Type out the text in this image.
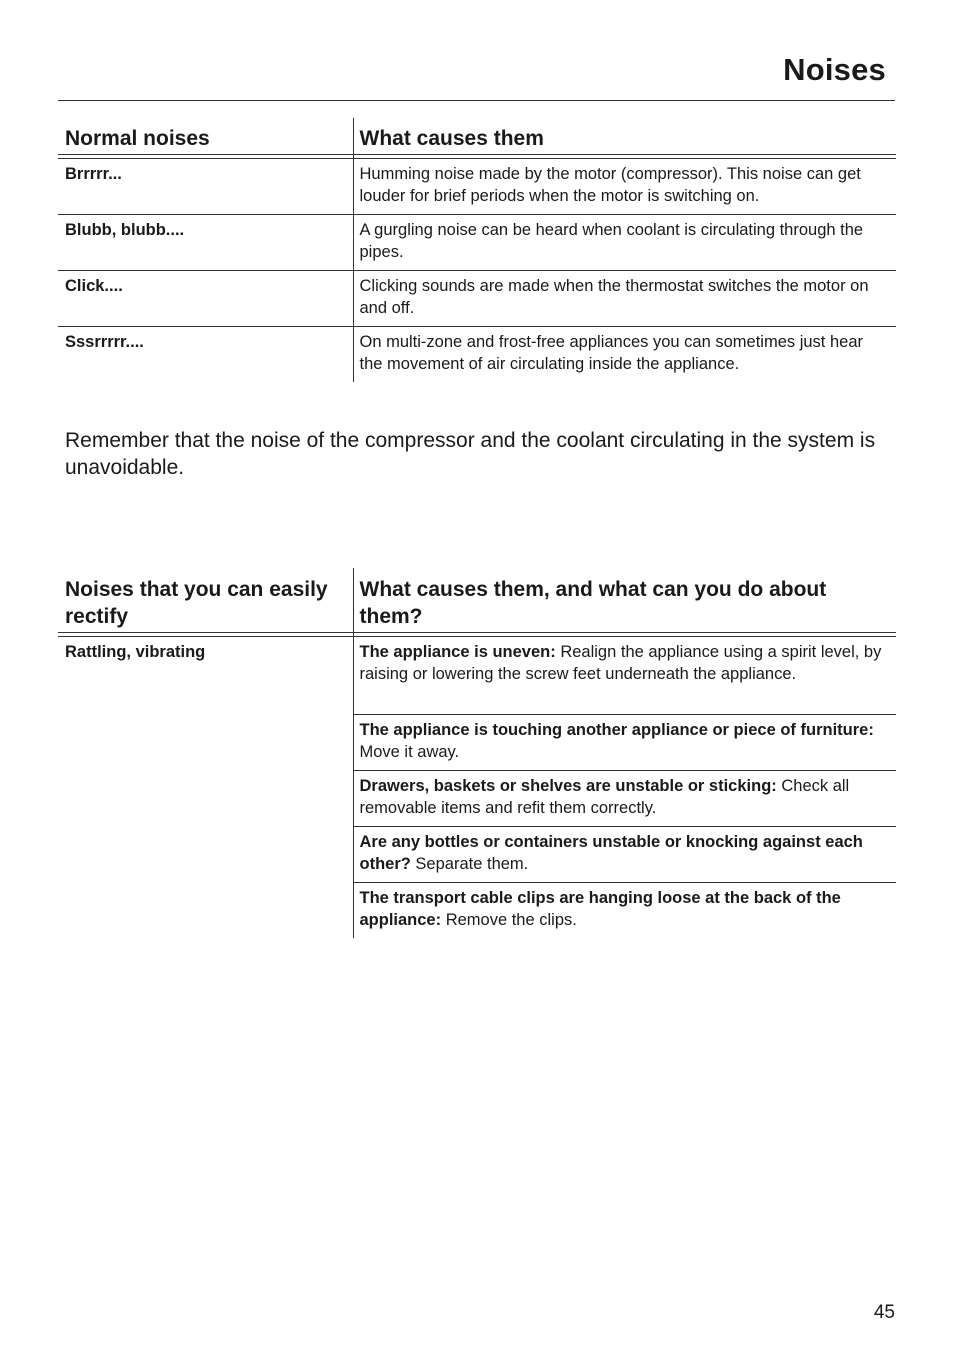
Noises
Normal noises	What causes them

Brrrrr...	Humming noise made by the motor (compressor). This noise can get louder for brief periods when the motor is switching on.
Blubb, blubb....	A gurgling noise can be heard when coolant is circulating through the pipes.
Click....	Clicking sounds are made when the thermostat switches the motor on and off.
Sssrrrrr....	On multi-zone and frost-free appliances you can sometimes just hear the movement of air circulating inside the appliance.
Remember that the noise of the compressor and the coolant circulating in the system is unavoidable.
Noises that you can easily rectify	What causes them, and what can you do about them?

Rattling, vibrating	The appliance is uneven: Realign the appliance using a spirit level, by raising or lowering the screw feet underneath the appliance.
	The appliance is touching another appliance or piece of furniture: Move it away.
	Drawers, baskets or shelves are unstable or sticking: Check all removable items and refit them correctly.
	Are any bottles or containers unstable or knocking against each other? Separate them.
	The transport cable clips are hanging loose at the back of the appliance: Remove the clips.
45
